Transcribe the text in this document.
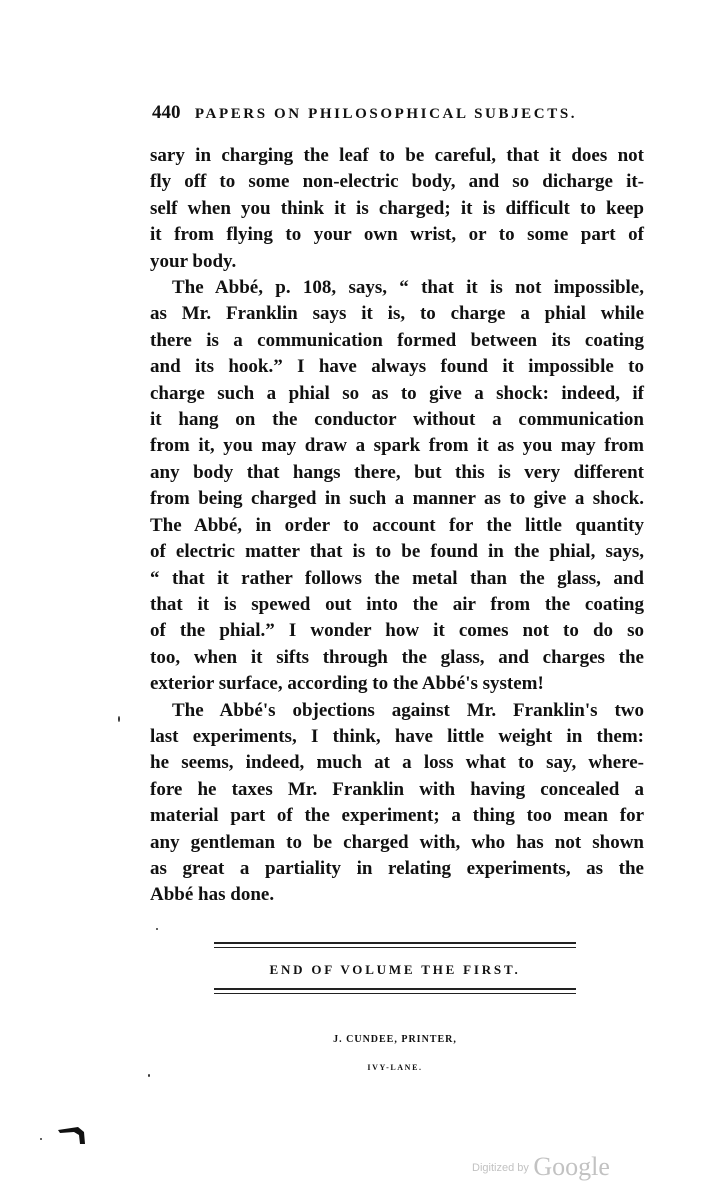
440 PAPERS ON PHILOSOPHICAL SUBJECTS.
sary in charging the leaf to be careful, that it does not
fly off to some non-electric body, and so dicharge it-
self when you think it is charged; it is difficult to keep
it from flying to your own wrist, or to some part of
your body.
The Abbé, p. 108, says, “ that it is not impossible,
as Mr. Franklin says it is, to charge a phial while
there is a communication formed between its coating
and its hook.” I have always found it impossible to
charge such a phial so as to give a shock: indeed, if
it hang on the conductor without a communication
from it, you may draw a spark from it as you may from
any body that hangs there, but this is very different
from being charged in such a manner as to give a shock.
The Abbé, in order to account for the little quantity
of electric matter that is to be found in the phial, says,
“ that it rather follows the metal than the glass, and
that it is spewed out into the air from the coating
of the phial.” I wonder how it comes not to do so
too, when it sifts through the glass, and charges the
exterior surface, according to the Abbé's system!
The Abbé's objections against Mr. Franklin's two
last experiments, I think, have little weight in them:
he seems, indeed, much at a loss what to say, where-
fore he taxes Mr. Franklin with having concealed a
material part of the experiment; a thing too mean for
any gentleman to be charged with, who has not shown
as great a partiality in relating experiments, as the
Abbé has done.
END OF VOLUME THE FIRST.
J. CUNDEE, PRINTER,
IVY-LANE.
$^{Digitized by}$ Google
